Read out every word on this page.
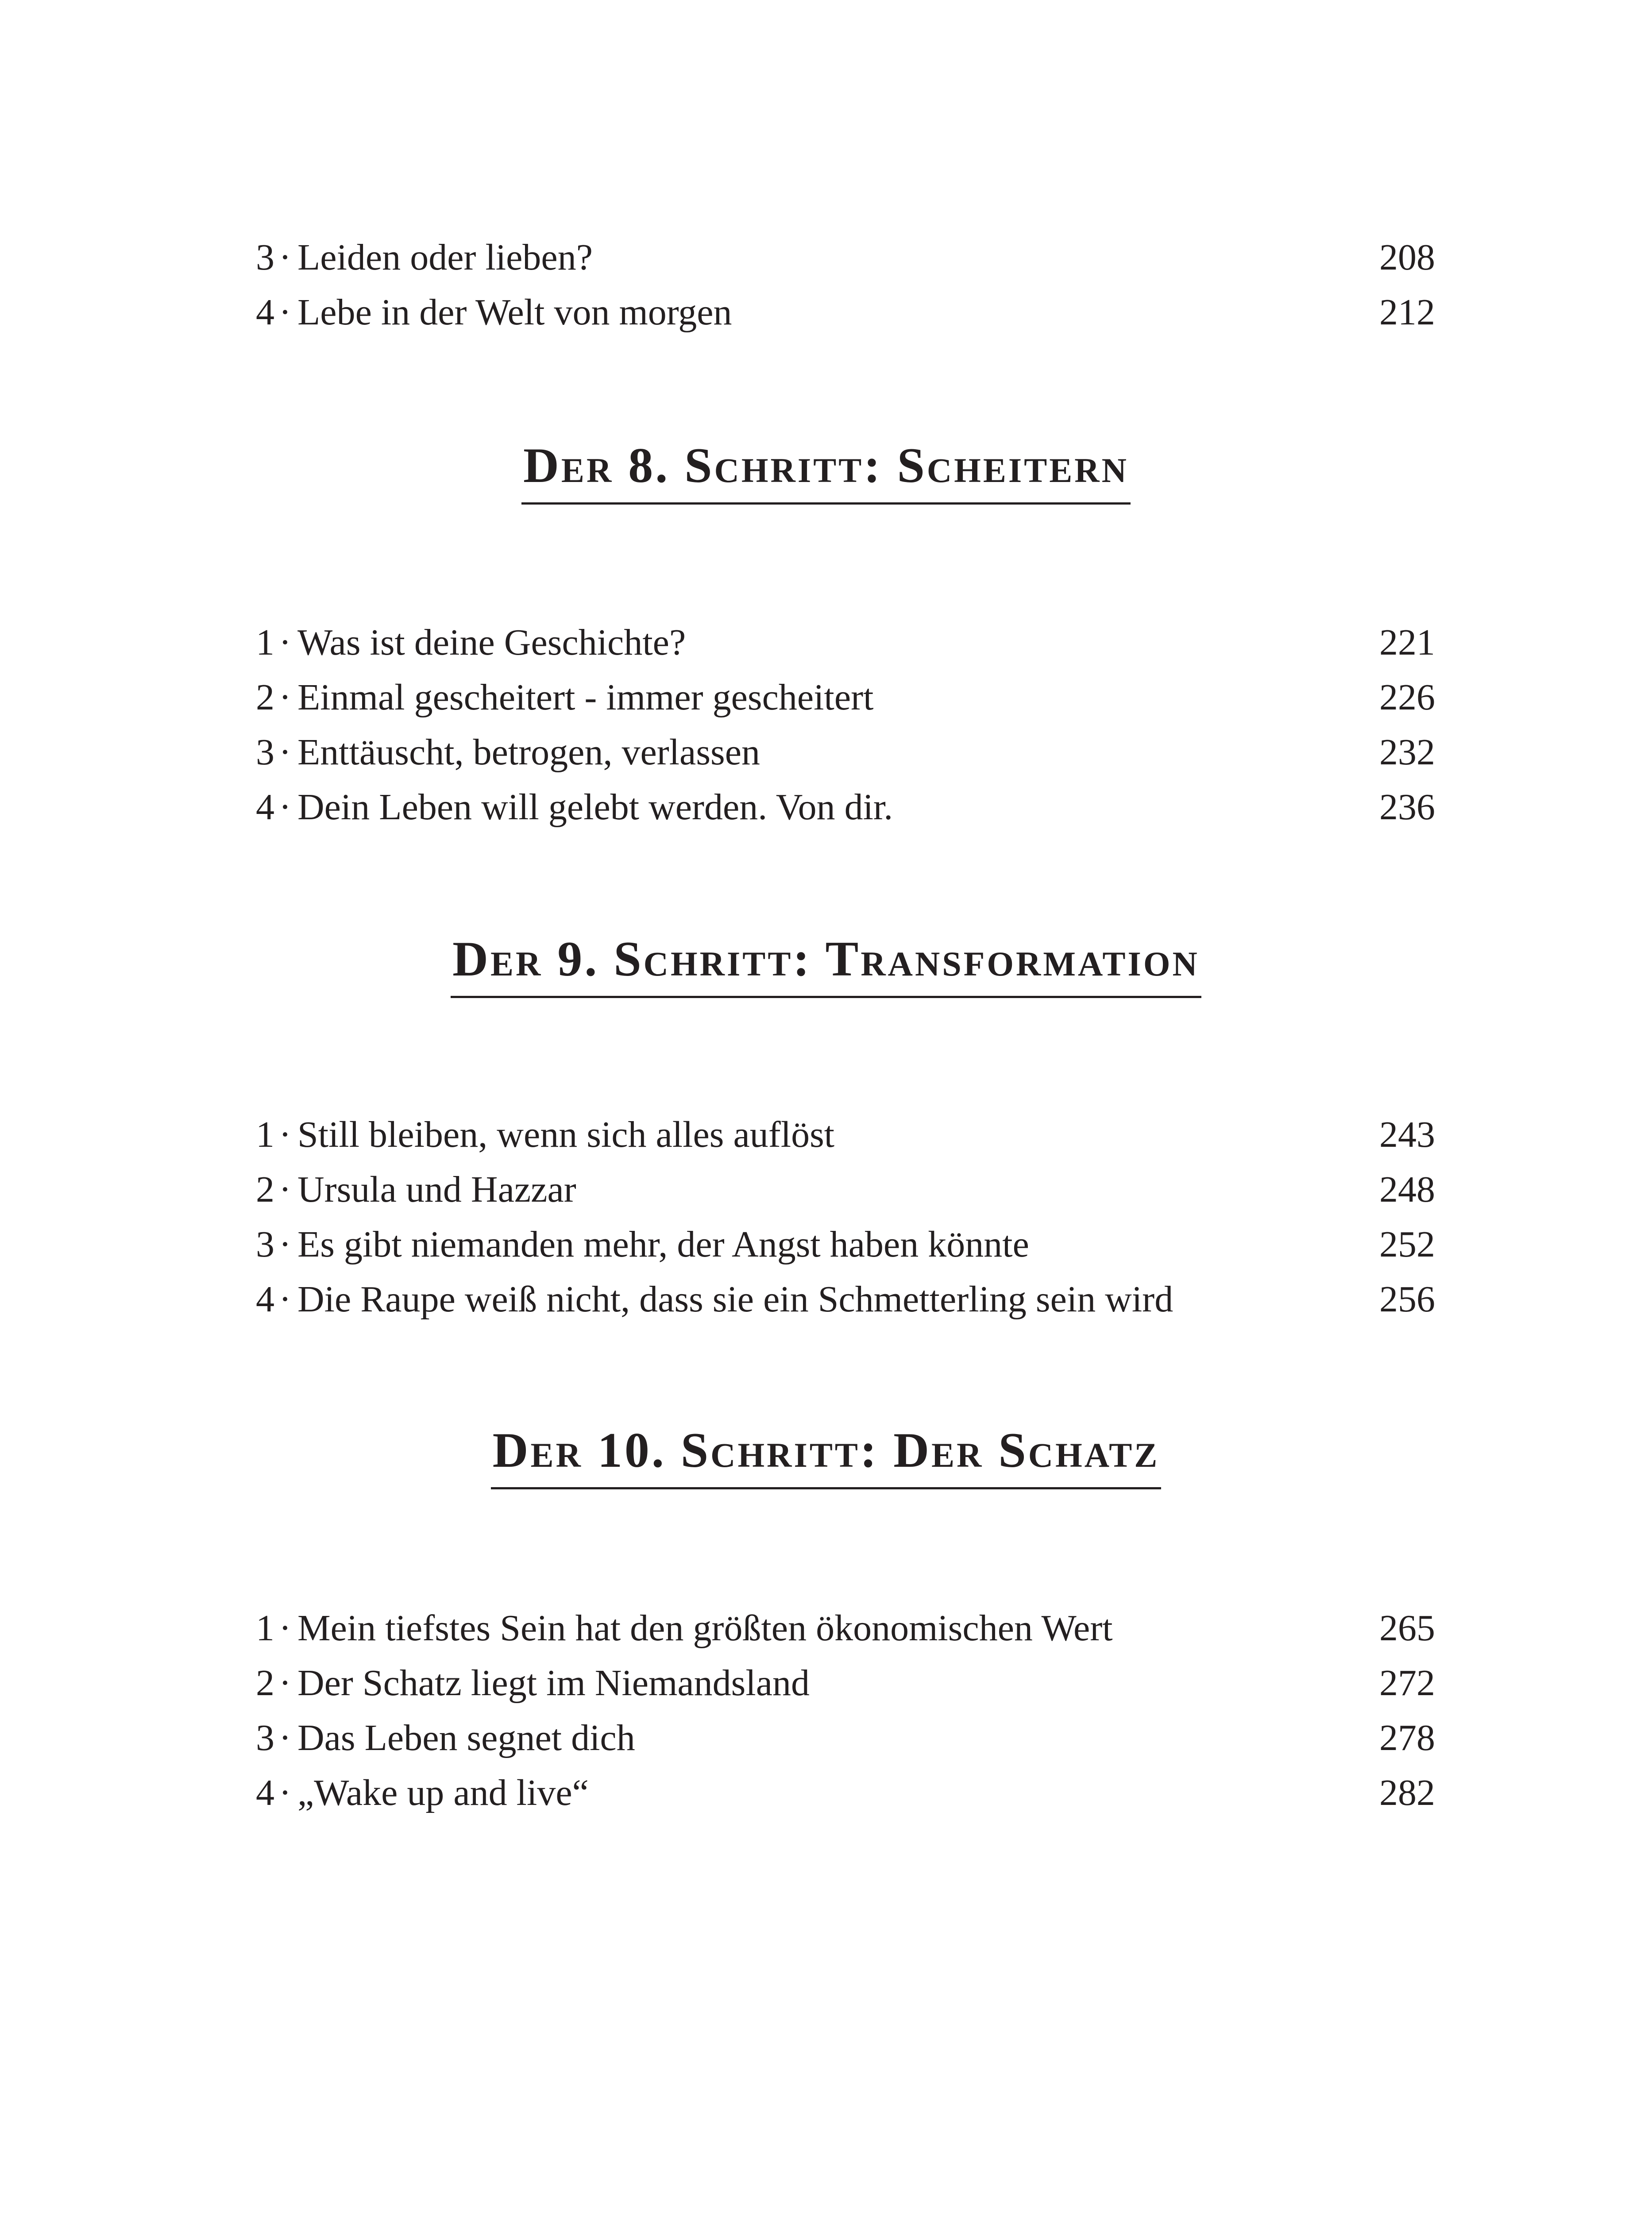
3 · Leiden oder lieben?	208
4 · Lebe in der Welt von morgen	212
Der 8. Schritt: Scheitern
1 · Was ist deine Geschichte?	221
2 · Einmal gescheitert - immer gescheitert	226
3 · Enttäuscht, betrogen, verlassen	232
4 · Dein Leben will gelebt werden. Von dir.	236
Der 9. Schritt: Transformation
1 · Still bleiben, wenn sich alles auflöst	243
2 · Ursula und Hazzar	248
3 · Es gibt niemanden mehr, der Angst haben könnte	252
4 · Die Raupe weiß nicht, dass sie ein Schmetterling sein wird	256
Der 10. Schritt: Der Schatz
1 · Mein tiefstes Sein hat den größten ökonomischen Wert	265
2 · Der Schatz liegt im Niemandsland	272
3 · Das Leben segnet dich	278
4 · „Wake up and live“	282
